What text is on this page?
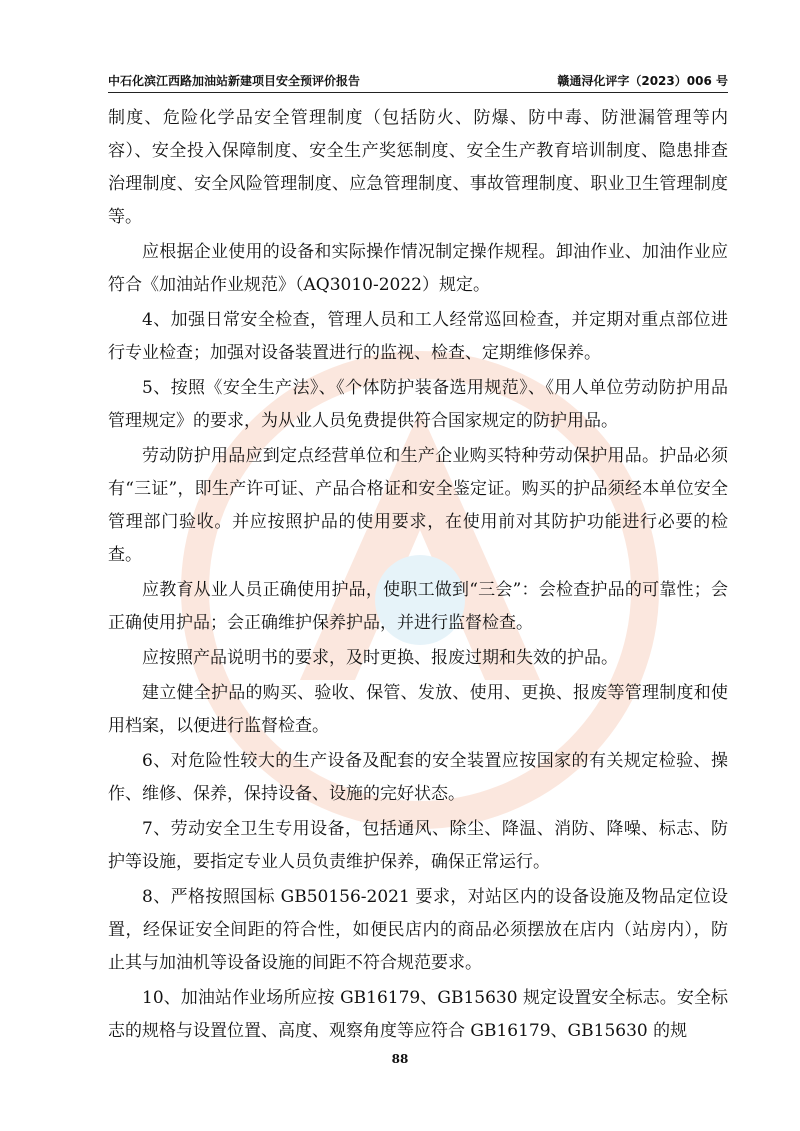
中石化滨江西路加油站新建项目安全预评价报告	赣通浔化评字（2023）006 号

制度、危险化学品安全管理制度（包括防火、防爆、防中毒、防泄漏管理等内容）、安全投入保障制度、安全生产奖惩制度、安全生产教育培训制度、隐患排查治理制度、安全风险管理制度、应急管理制度、事故管理制度、职业卫生管理制度等。

应根据企业使用的设备和实际操作情况制定操作规程。卸油作业、加油作业应符合《加油站作业规范》（AQ3010-2022）规定。

4、加强日常安全检查，管理人员和工人经常巡回检查，并定期对重点部位进行专业检查；加强对设备装置进行的监视、检查、定期维修保养。

5、按照《安全生产法》、《个体防护装备选用规范》、《用人单位劳动防护用品管理规定》的要求，为从业人员免费提供符合国家规定的防护用品。

劳动防护用品应到定点经营单位和生产企业购买特种劳动保护用品。护品必须有“三证”，即生产许可证、产品合格证和安全鉴定证。购买的护品须经本单位安全管理部门验收。并应按照护品的使用要求，在使用前对其防护功能进行必要的检查。

应教育从业人员正确使用护品，使职工做到“三会”：会检查护品的可靠性；会正确使用护品；会正确维护保养护品，并进行监督检查。

应按照产品说明书的要求，及时更换、报废过期和失效的护品。

建立健全护品的购买、验收、保管、发放、使用、更换、报废等管理制度和使用档案，以便进行监督检查。

6、对危险性较大的生产设备及配套的安全装置应按国家的有关规定检验、操作、维修、保养，保持设备、设施的完好状态。

7、劳动安全卫生专用设备，包括通风、除尘、降温、消防、降噪、标志、防护等设施，要指定专业人员负责维护保养，确保正常运行。

8、严格按照国标 GB50156-2021 要求，对站区内的设备设施及物品定位设置，经保证安全间距的符合性，如便民店内的商品必须摆放在店内（站房内），防止其与加油机等设备设施的间距不符合规范要求。

10、加油站作业场所应按 GB16179、GB15630 规定设置安全标志。安全标志的规格与设置位置、高度、观察角度等应符合 GB16179、GB15630 的规

88
